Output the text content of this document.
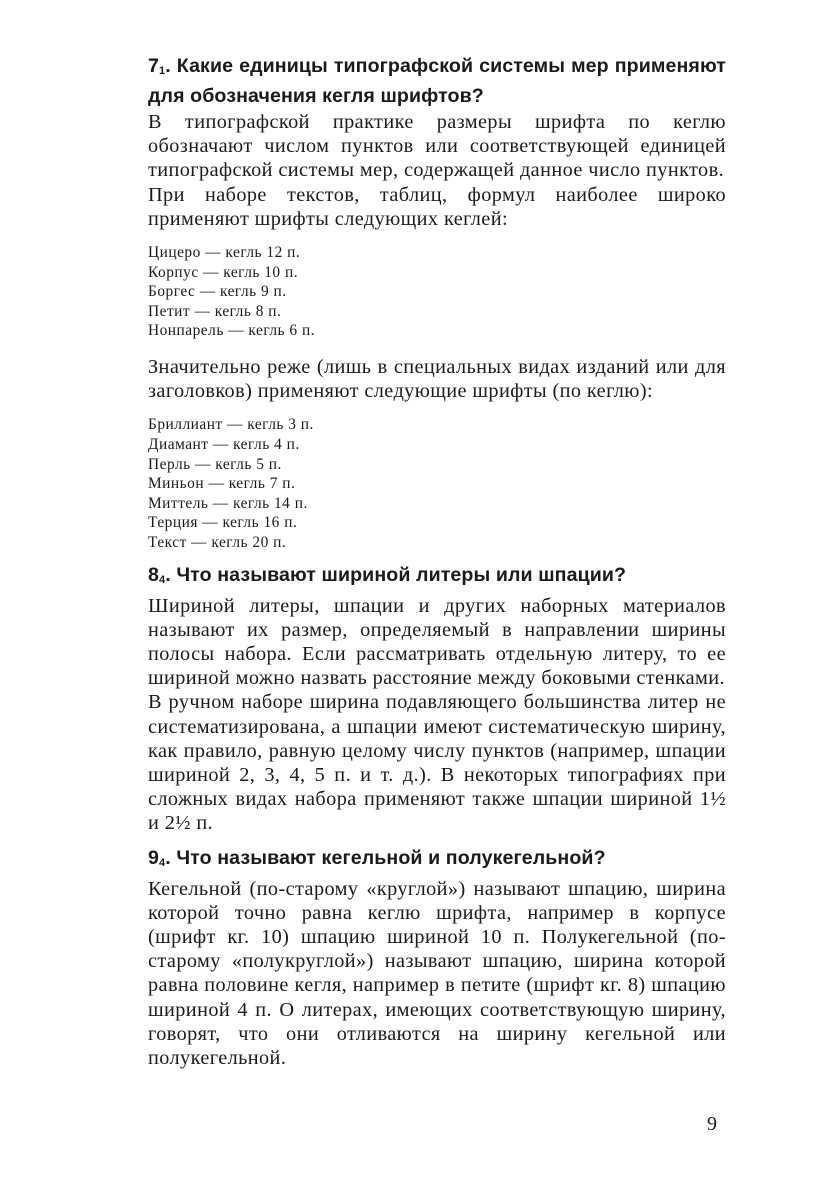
$7_1$. Какие единицы типографской системы мер применяют для обозначения кегля шрифтов?

В типографской практике размеры шрифта по кеглю обозначают числом пунктов или соответствующей единицей типографской системы мер, содержащей данное число пунктов.

При наборе текстов, таблиц, формул наиболее широко применяют шрифты следующих кеглей:

Цицеро — кегль 12 п.
Корпус — кегль 10 п.
Боргес — кегль 9 п.
Петит — кегль 8 п.
Нонпарель — кегль 6 п.

Значительно реже (лишь в специальных видах изданий или для заголовков) применяют следующие шрифты (по кеглю):

Бриллиант — кегль 3 п.
Диамант — кегль 4 п.
Перль — кегль 5 п.
Миньон — кегль 7 п.
Миттель — кегль 14 п.
Терция — кегль 16 п.
Текст — кегль 20 п.
$8_4$. Что называют шириной литеры или шпации?

Шириной литеры, шпации и других наборных материалов называют их размер, определяемый в направлении ширины полосы набора. Если рассматривать отдельную литеру, то ее шириной можно назвать расстояние между боковыми стенками.

В ручном наборе ширина подавляющего большинства литер не систематизирована, а шпации имеют систематическую ширину, как правило, равную целому числу пунктов (например, шпации шириной 2, 3, 4, 5 п. и т. д.). В некоторых типографиях при сложных видах набора применяют также шпации шириной 1½ и 2½ п.

$9_4$. Что называют кегельной и полукегельной?

Кегельной (по-старому «круглой») называют шпацию, ширина которой точно равна кеглю шрифта, например в корпусе (шрифт кг. 10) шпацию шириной 10 п. Полукегельной (по-старому «полукруглой») называют шпацию, ширина которой равна половине кегля, например в петите (шрифт кг. 8) шпацию шириной 4 п. О литерах, имеющих соответствующую ширину, говорят, что они отливаются на ширину кегельной или полукегельной.

9
